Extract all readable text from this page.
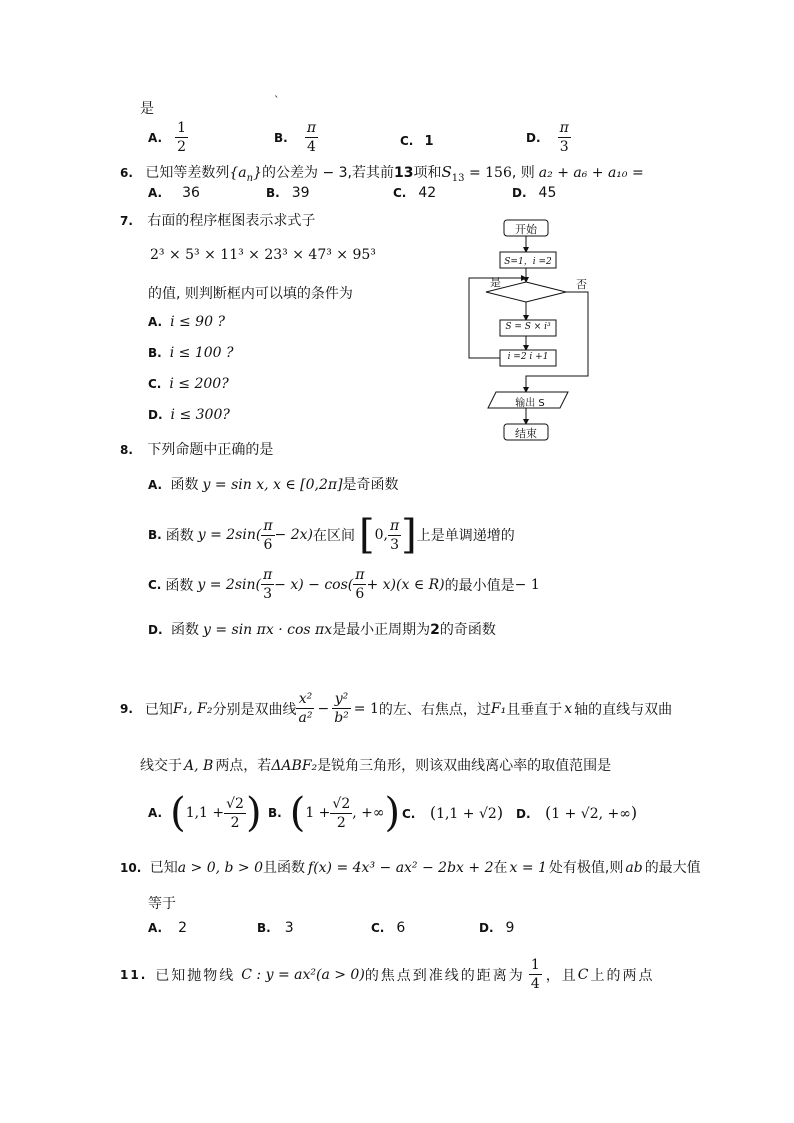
是
`
A. $\frac{1}{2}$	B. $\frac{\pi}{4}$	C. 1	D. $\frac{\pi}{3}$
6. 已知等差数列$\{a_n\}$的公差为 − 3,若其前13项和$S_{13} = 156$, 则 a₂ + a₆ + a₁₀ =
A. 36	B. 39	C. 42	D. 45
7. 右面的程序框图表示求式子
2³ × 5³ × 11³ × 23³ × 47³ × 95³
的值, 则判断框内可以填的条件为
A. i ≤ 90 ?
B. i ≤ 100 ?
C. i ≤ 200?
D. i ≤ 300?
开始
S=1，i =2
是	否
S = S × i³
i =2 i +1
输出 S
结束
8. 下列命题中正确的是
A. 函数 y = sin x, x ∈ [0,2π]是奇函数
B. 函数 $y = 2\sin( \frac{\pi}{6} - 2x)$ 在区间 [ 0, $\frac{\pi}{3}$ ] 上是单调递增的
C. 函数 $y = 2\sin( \frac{\pi}{3} - x) - \cos( \frac{\pi}{6} + x)(x$ ∈ R) 的最小值是 − 1
D. 函数 y = sin πx · cos πx是最小正周期为2的奇函数
9. 已知 F₁, F₂ 分别是双曲线 $\frac{\text{x²}}{\text{a²}} - \frac{\text{y²}}{\text{b²}} = 1$ 的左、右焦点，过 F₁ 且垂直于 x 轴的直线与双曲
线交于 A, B 两点，若ΔABF₂是锐角三角形，则该双曲线离心率的取值范围是
A. ( $1,1 + \frac{√2}{2}$ ) B. ( $1 + \frac{√2}{2}$ , +∞ ) C. (1,1 + √2) D. (1 + √2, +∞)
10. 已知a > 0, b > 0且函数 f(x) = 4x³ − ax² − 2bx + 2在 x = 1 处有极值,则 ab 的最大值
等于
A. 2	B. 3	C. 6	D. 9
11. 已知抛物线 C : y = ax²(a > 0) 的焦点到准线的距离为 $\frac{1}{4}$ ，且 C 上的两点
